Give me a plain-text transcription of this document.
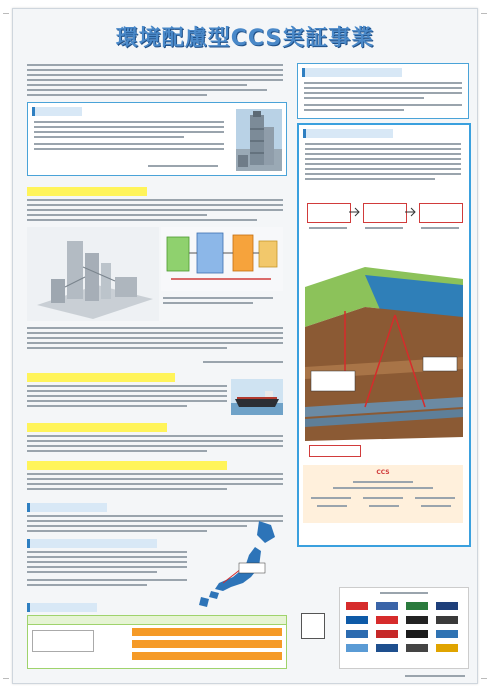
環境配慮型CCS実証事業
CCS
